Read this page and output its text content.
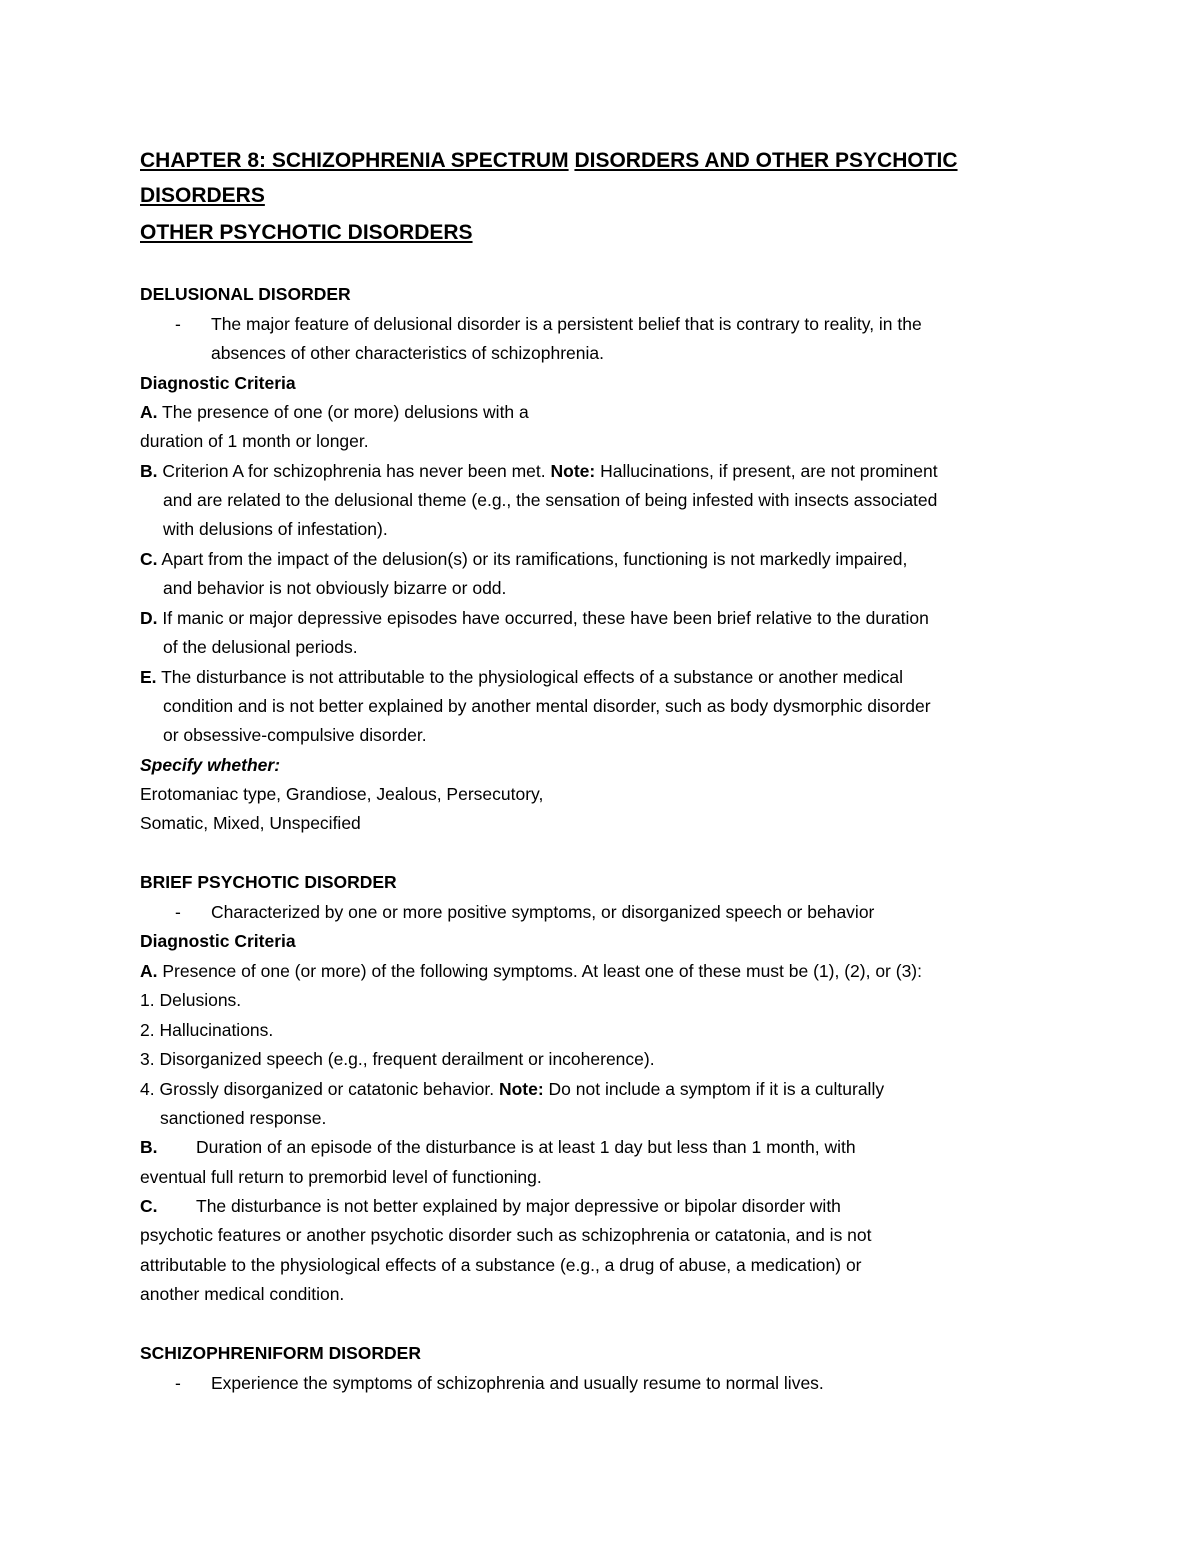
CHAPTER 8: SCHIZOPHRENIA SPECTRUM DISORDERS AND OTHER PSYCHOTIC
DISORDERS
OTHER PSYCHOTIC DISORDERS
DELUSIONAL DISORDER
- The major feature of delusional disorder is a persistent belief that is contrary to reality, in the
absences of other characteristics of schizophrenia.
Diagnostic Criteria
A. The presence of one (or more) delusions with a
duration of 1 month or longer.
B. Criterion A for schizophrenia has never been met. Note: Hallucinations, if present, are not prominent
and are related to the delusional theme (e.g., the sensation of being infested with insects associated
with delusions of infestation).
C. Apart from the impact of the delusion(s) or its ramifications, functioning is not markedly impaired,
and behavior is not obviously bizarre or odd.
D. If manic or major depressive episodes have occurred, these have been brief relative to the duration
of the delusional periods.
E. The disturbance is not attributable to the physiological effects of a substance or another medical
condition and is not better explained by another mental disorder, such as body dysmorphic disorder
or obsessive-compulsive disorder.
Specify whether:
Erotomaniac type, Grandiose, Jealous, Persecutory,
Somatic, Mixed, Unspecified
BRIEF PSYCHOTIC DISORDER
- Characterized by one or more positive symptoms, or disorganized speech or behavior
Diagnostic Criteria
A. Presence of one (or more) of the following symptoms. At least one of these must be (1), (2), or (3):
1. Delusions.
2. Hallucinations.
3. Disorganized speech (e.g., frequent derailment or incoherence).
4. Grossly disorganized or catatonic behavior. Note: Do not include a symptom if it is a culturally
sanctioned response.
B. Duration of an episode of the disturbance is at least 1 day but less than 1 month, with
eventual full return to premorbid level of functioning.
C. The disturbance is not better explained by major depressive or bipolar disorder with
psychotic features or another psychotic disorder such as schizophrenia or catatonia, and is not
attributable to the physiological effects of a substance (e.g., a drug of abuse, a medication) or
another medical condition.
SCHIZOPHRENIFORM DISORDER
- Experience the symptoms of schizophrenia and usually resume to normal lives.
